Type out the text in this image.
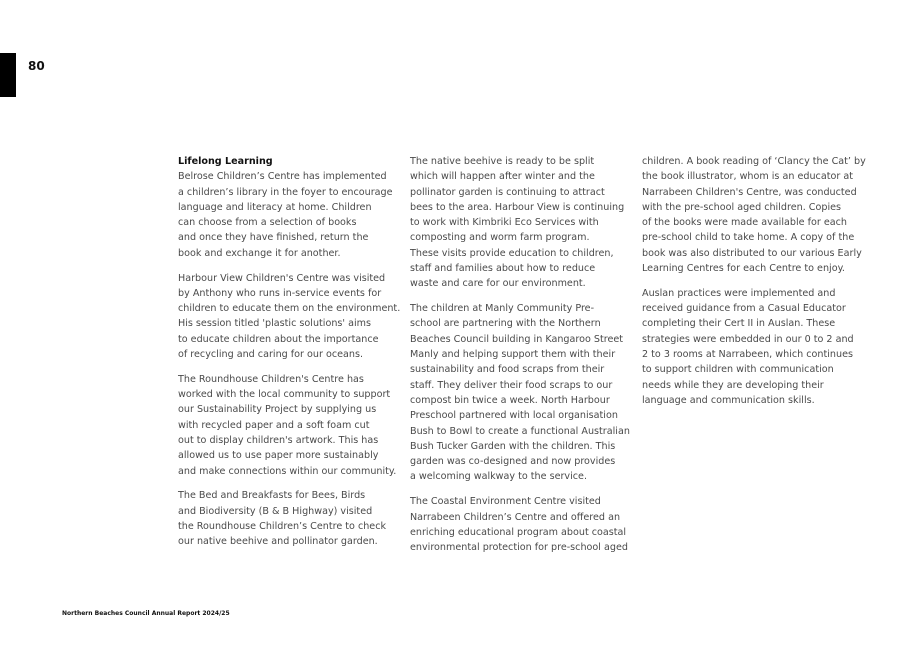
80
Lifelong Learning

Belrose Children’s Centre has implemented
a children’s library in the foyer to encourage
language and literacy at home. Children
can choose from a selection of books
and once they have finished, return the
book and exchange it for another.

Harbour View Children's Centre was visited
by Anthony who runs in-service events for
children to educate them on the environment.
His session titled 'plastic solutions' aims
to educate children about the importance
of recycling and caring for our oceans.

The Roundhouse Children's Centre has
worked with the local community to support
our Sustainability Project by supplying us
with recycled paper and a soft foam cut
out to display children's artwork. This has
allowed us to use paper more sustainably
and make connections within our community.

The Bed and Breakfasts for Bees, Birds
and Biodiversity (B & B Highway) visited
the Roundhouse Children’s Centre to check
our native beehive and pollinator garden.

The native beehive is ready to be split
which will happen after winter and the
pollinator garden is continuing to attract
bees to the area. Harbour View is continuing
to work with Kimbriki Eco Services with
composting and worm farm program.
These visits provide education to children,
staff and families about how to reduce
waste and care for our environment.

The children at Manly Community Pre-
school are partnering with the Northern
Beaches Council building in Kangaroo Street
Manly and helping support them with their
sustainability and food scraps from their
staff. They deliver their food scraps to our
compost bin twice a week. North Harbour
Preschool partnered with local organisation
Bush to Bowl to create a functional Australian
Bush Tucker Garden with the children. This
garden was co-designed and now provides
a welcoming walkway to the service.

The Coastal Environment Centre visited
Narrabeen Children’s Centre and offered an
enriching educational program about coastal
environmental protection for pre-school aged

children. A book reading of ‘Clancy the Cat’ by
the book illustrator, whom is an educator at
Narrabeen Children's Centre, was conducted
with the pre-school aged children. Copies
of the books were made available for each
pre-school child to take home. A copy of the
book was also distributed to our various Early
Learning Centres for each Centre to enjoy.

Auslan practices were implemented and
received guidance from a Casual Educator
completing their Cert II in Auslan. These
strategies were embedded in our 0 to 2 and
2 to 3 rooms at Narrabeen, which continues
to support children with communication
needs while they are developing their
language and communication skills.

Northern Beaches Council Annual Report 2024/25
